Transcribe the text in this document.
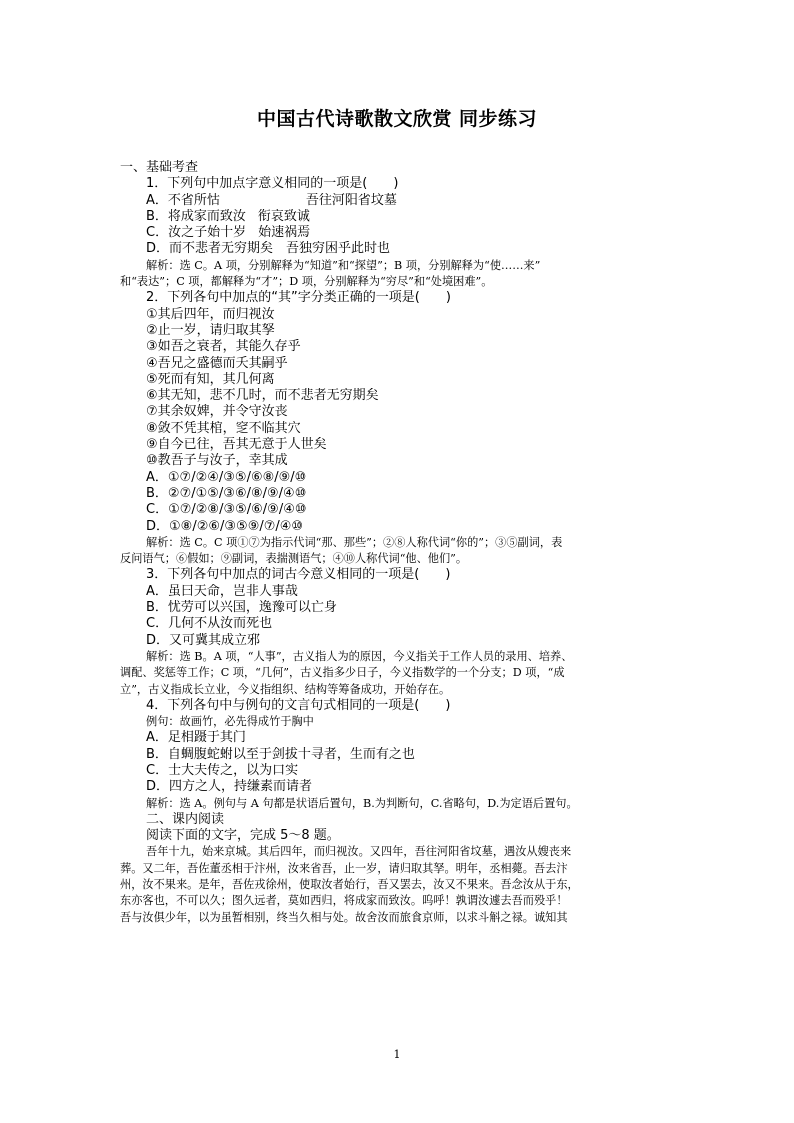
中国古代诗歌散文欣赏 同步练习
一、基础考查
1．下列句中加点字意义相同的一项是(　　)
A．不省所怙	吾往河阳省坟墓
B．将成家而致汝 衔哀致诚
C．汝之子始十岁 始速祸焉
D．而不悲者无穷期矣　吾独穷困乎此时也
解析：选 C。A 项，分别解释为“知道”和“探望”；B 项，分别解释为“使……来”
和“表达”；C 项，都解释为“才”；D 项，分别解释为“穷尽”和“处境困难”。
2．下列各句中加点的“其”字分类正确的一项是(　　)
①其后四年，而归视汝
②止一岁，请归取其孥
③如吾之衰者，其能久存乎
④吾兄之盛德而夭其嗣乎
⑤死而有知，其几何离
⑥其无知，悲不几时，而不悲者无穷期矣
⑦其余奴婢，并令守汝丧
⑧敛不凭其棺，窆不临其穴
⑨自今已往，吾其无意于人世矣
⑩教吾子与汝子，幸其成
A．①⑦/②④/③⑤/⑥⑧/⑨/⑩
B．②⑦/①⑤/③⑥/⑧/⑨/④⑩
C．①⑦/②⑧/③⑤/⑥/⑨/④⑩
D．①⑧/②⑥/③⑤⑨/⑦/④⑩
解析：选 C。C 项①⑦为指示代词“那、那些”；②⑧人称代词“你的”；③⑤副词，表
反问语气；⑥假如；⑨副词，表揣测语气；④⑩人称代词“他、他们”。
3．下列各句中加点的词古今意义相同的一项是(　　)
A．虽曰天命，岂非人事哉
B．忧劳可以兴国，逸豫可以亡身
C．几何不从汝而死也
D．又可冀其成立邪
解析：选 B。A 项，“人事”，古义指人为的原因，今义指关于工作人员的录用、培养、
调配、奖惩等工作；C 项，“几何”，古义指多少日子，今义指数学的一个分支；D 项，“成
立”，古义指成长立业，今义指组织、结构等筹备成功，开始存在。
4．下列各句中与例句的文言句式相同的一项是(　　)
例句：故画竹，必先得成竹于胸中
A．足相蹑于其门
B．自蜩腹蛇蚹以至于剑拔十寻者，生而有之也
C．士大夫传之，以为口实
D．四方之人，持缣素而请者
解析：选 A。例句与 A 句都是状语后置句，B.为判断句，C.省略句，D.为定语后置句。
二、课内阅读
阅读下面的文字，完成 5～8 题。
吾年十九，始来京城。其后四年，而归视汝。又四年，吾往河阳省坟墓，遇汝从嫂丧来
葬。又二年，吾佐董丞相于汴州，汝来省吾，止一岁，请归取其孥。明年，丞相薨。吾去汴
州，汝不果来。是年，吾佐戎徐州，使取汝者始行，吾又罢去，汝又不果来。吾念汝从于东，
东亦客也，不可以久；图久远者，莫如西归，将成家而致汝。呜呼！孰谓汝遽去吾而殁乎！
吾与汝俱少年，以为虽暂相别，终当久相与处。故舍汝而旅食京师，以求斗斛之禄。诚知其
1
